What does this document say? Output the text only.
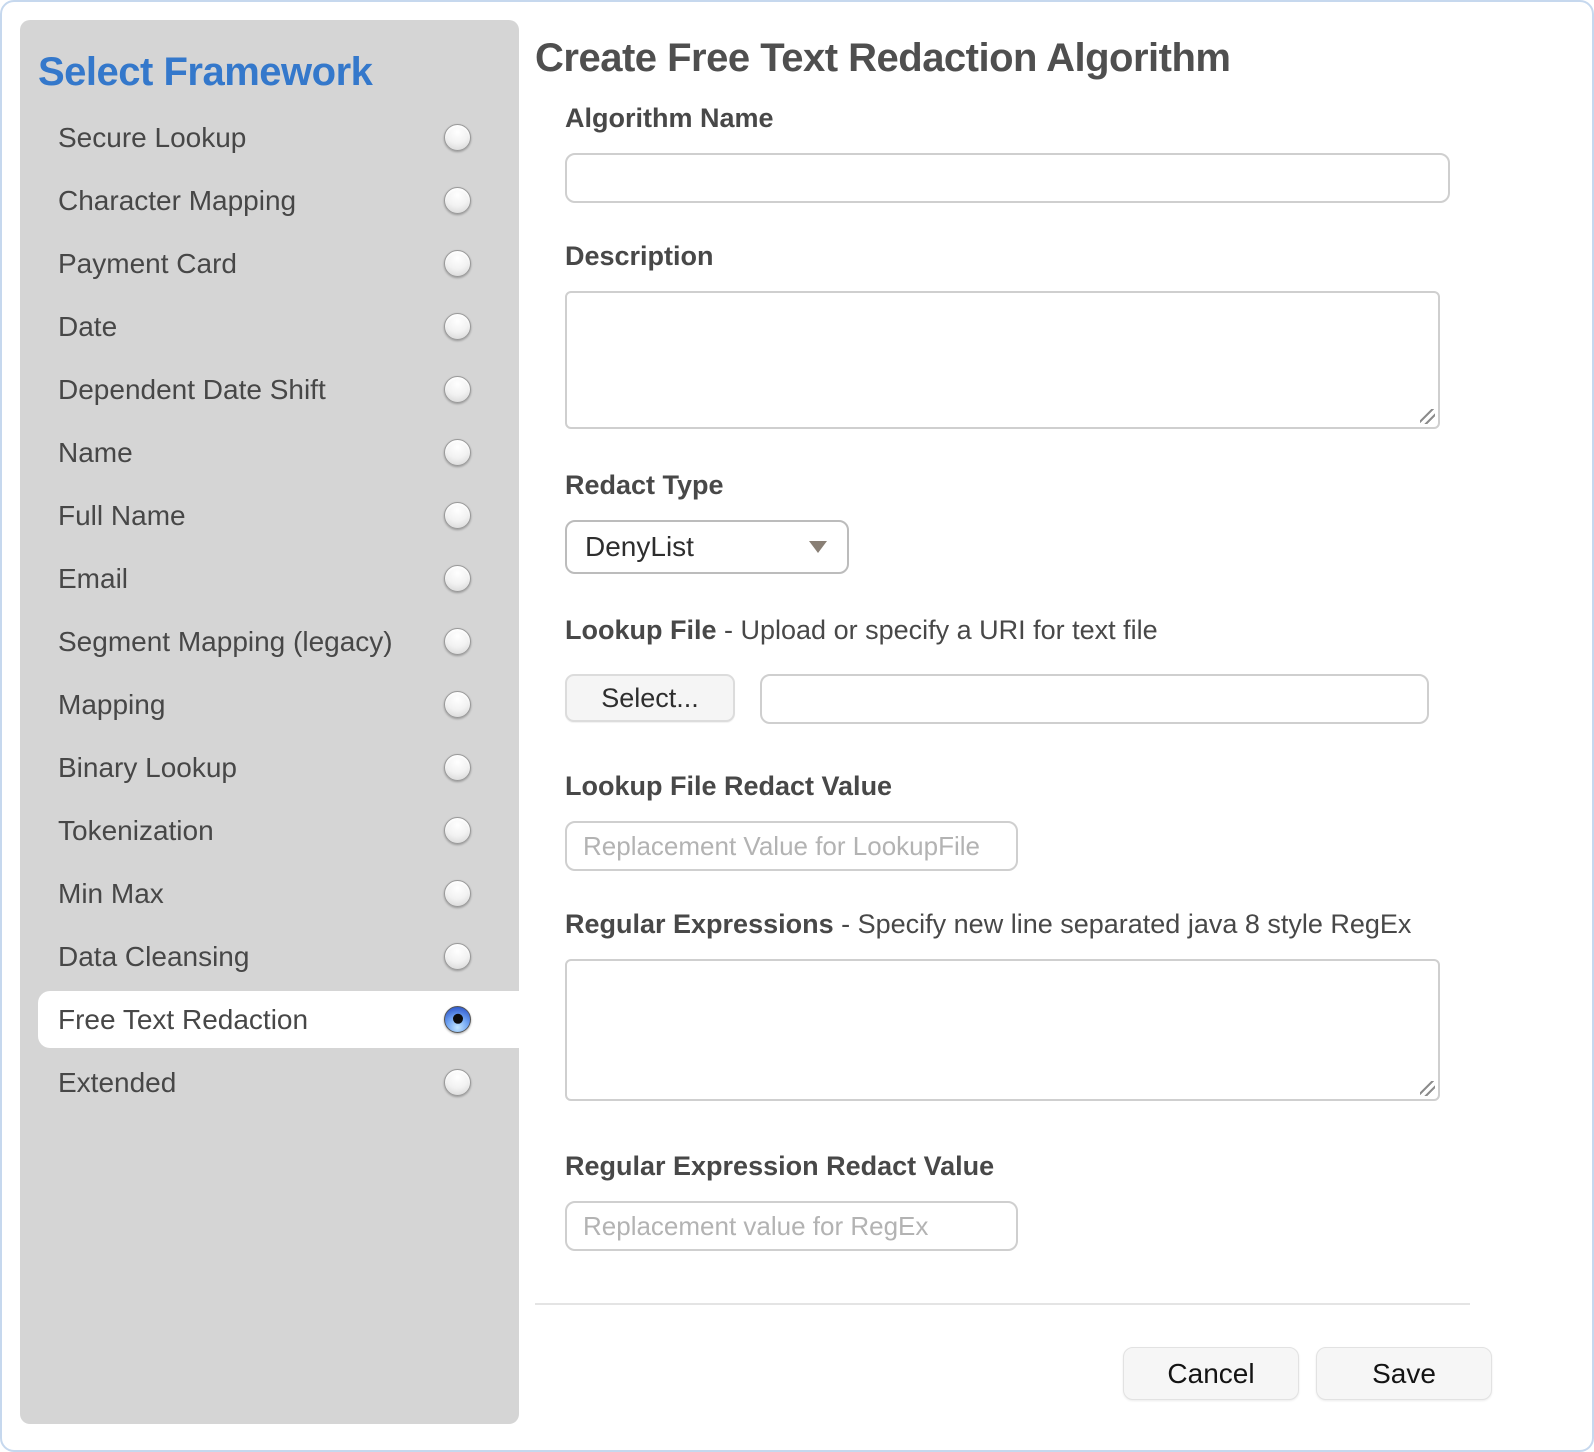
Select Framework
Secure Lookup
Character Mapping
Payment Card
Date
Dependent Date Shift
Name
Full Name
Email
Segment Mapping (legacy)
Mapping
Binary Lookup
Tokenization
Min Max
Data Cleansing
Free Text Redaction
Extended
Create Free Text Redaction Algorithm
Algorithm Name
Description
Redact Type
DenyList
Lookup File - Upload or specify a URI for text file
Select...
Lookup File Redact Value
Replacement Value for LookupFile
Regular Expressions - Specify new line separated java 8 style RegEx
Regular Expression Redact Value
Replacement value for RegEx
Cancel	Save
